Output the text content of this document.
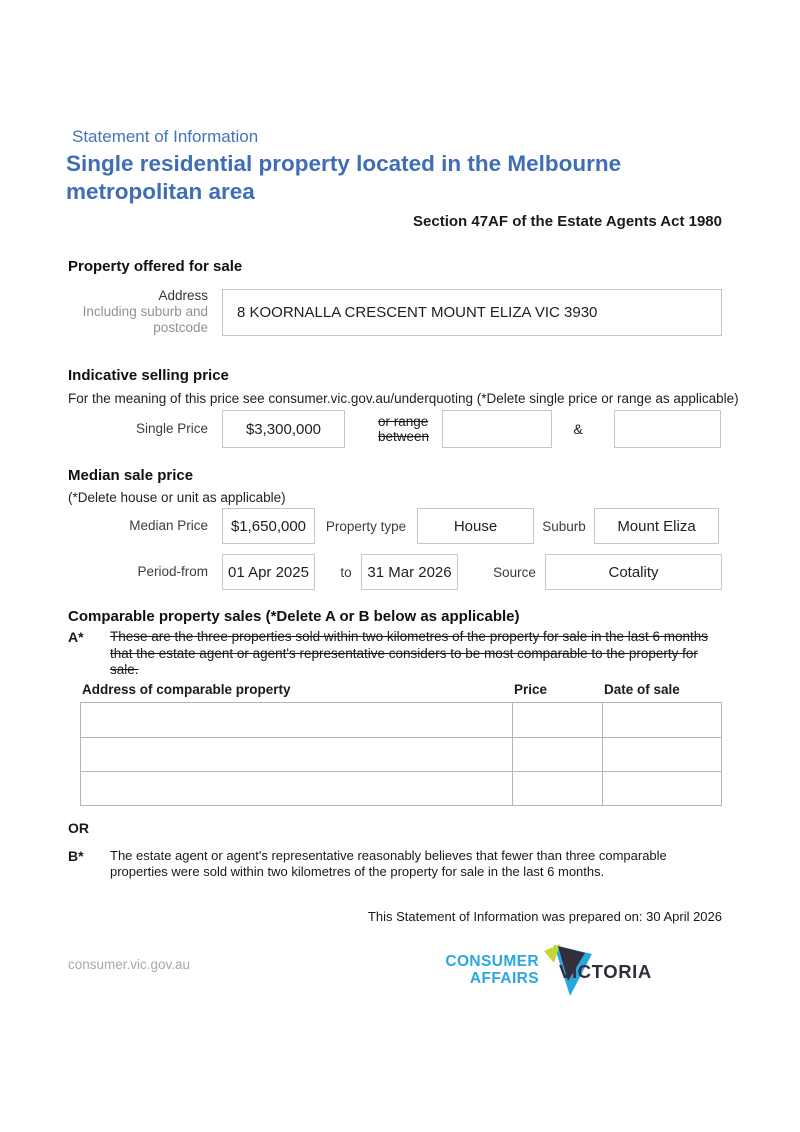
Statement of Information
Single residential property located in the Melbourne metropolitan area
Section 47AF of the Estate Agents Act 1980
Property offered for sale
Address
Including suburb and postcode
8 KOORNALLA CRESCENT MOUNT ELIZA VIC 3930
Indicative selling price
For the meaning of this price see consumer.vic.gov.au/underquoting (*Delete single price or range as applicable)
Single Price	$3,300,000	or range between	&
Median sale price
(*Delete house or unit as applicable)
Median Price	$1,650,000	Property type	House	Suburb	Mount Eliza
Period-from	01 Apr 2025	to	31 Mar 2026	Source	Cotality
Comparable property sales (*Delete A or B below as applicable)
A*	These are the three properties sold within two kilometres of the property for sale in the last 6 months that the estate agent or agent's representative considers to be most comparable to the property for sale.
Address of comparable property	Price	Date of sale
OR
B*	The estate agent or agent's representative reasonably believes that fewer than three comparable properties were sold within two kilometres of the property for sale in the last 6 months.
This Statement of Information was prepared on: 30 April 2026
consumer.vic.gov.au	CONSUMER
AFFAIRS VICTORIA
